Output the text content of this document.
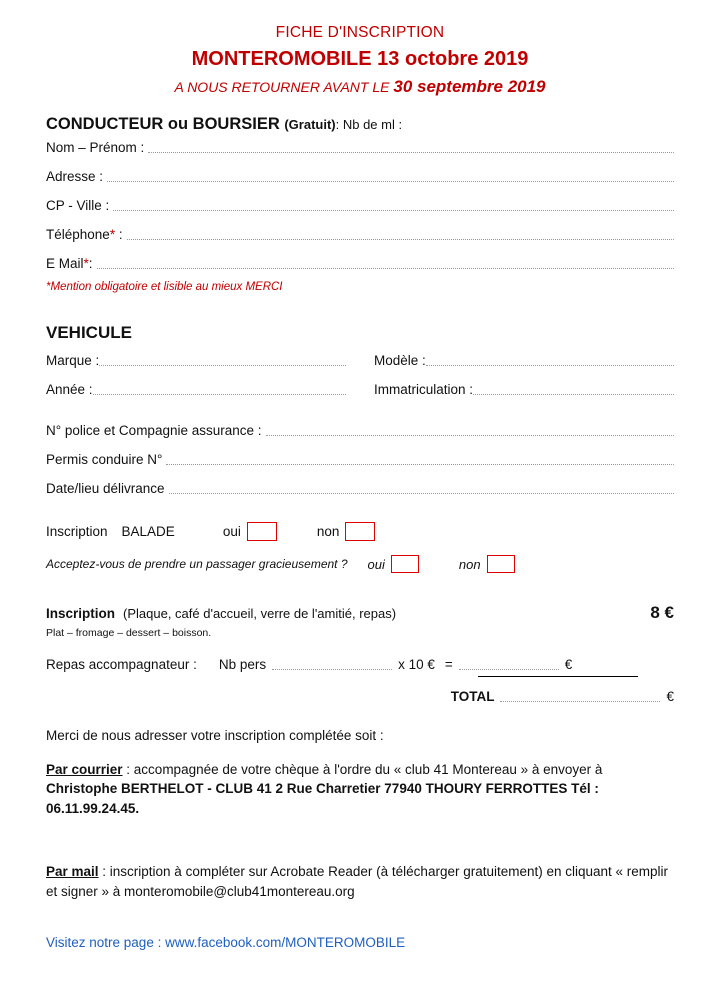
FICHE D'INSCRIPTION
MONTEROMOBILE 13 octobre 2019
A NOUS RETOURNER AVANT LE 30 septembre 2019
CONDUCTEUR ou BOURSIER (Gratuit): Nb de ml :
Nom – Prénom :
Adresse :
CP - Ville :
Téléphone* :
E Mail*:
*Mention obligatoire et lisible au mieux MERCI
VEHICULE
Marque :	Modèle :
Année :	Immatriculation :
N° police et Compagnie assurance :
Permis conduire N°
Date/lieu délivrance
Inscription BALADE	oui	non
Acceptez-vous de prendre un passager gracieusement ? oui	non
Inscription (Plaque, café d'accueil, verre de l'amitié, repas)	8 €
Plat – fromage – dessert – boisson.
Repas accompagnateur : Nb pers	x 10 € =	€
TOTAL	€
Merci de nous adresser votre inscription complétée soit :
Par courrier : accompagnée de votre chèque à l'ordre du « club 41 Montereau » à envoyer à Christophe BERTHELOT - CLUB 41 2 Rue Charretier 77940 THOURY FERROTTES Tél : 06.11.99.24.45.
Par mail : inscription à compléter sur Acrobate Reader (à télécharger gratuitement) en cliquant « remplir et signer » à monteromobile@club41montereau.org
Visitez notre page : www.facebook.com/MONTEROMOBILE
